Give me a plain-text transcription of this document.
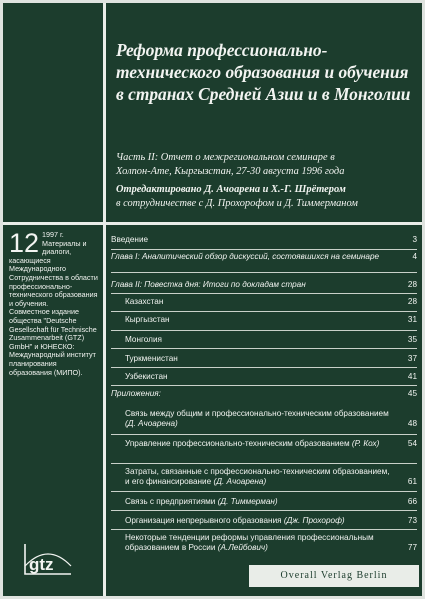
Реформа профессионально-технического образования и обучения в странах Средней Азии и в Монголии
Часть II: Отчет о межрегиональном семинаре в
Холпон-Ате, Кыргызстан, 27-30 августа 1996 года
Отредактировано Д. Ачоарена и Х.-Г. Шрётером
в сотрудничестве с Д. Прохорофом и Д. Тиммерманом
12 1997 г. Материалы и диалоги, касающиеся Международного Сотрудничества в области профессионально-технического образования и обучения.

Совместное издание общества "Deutsche Gesellschaft für Technische Zusammenarbeit (GTZ) GmbH" и ЮНЕСКО: Международный институт планирования образования (МИПО).

Введение	3
Глава I: Аналитический обзор дискуссий, состоявшихся на семинаре	4
Глава II: Повестка дня: Итоги по докладам стран	28
Казахстан	28
Кыргызстан	31
Монголия	35
Туркменистан	37
Узбекистан	41
Приложения:	45
Связь между общим и профессионально-техническим образованием (Д. Ачоарена)	48
Управление профессионально-техническим образованием (Р. Кох)	54
Затраты, связанные с профессионально-техническим образованием, и его финансирование (Д. Ачоарена)	61
Связь с предприятиями (Д. Тиммерман)	66
Организация непрерывного образования (Дж. Прохороф)	73
Некоторые тенденции реформы управления профессиональным образованием в России (А.Лейбович)	77
gtz
Overall Verlag Berlin
